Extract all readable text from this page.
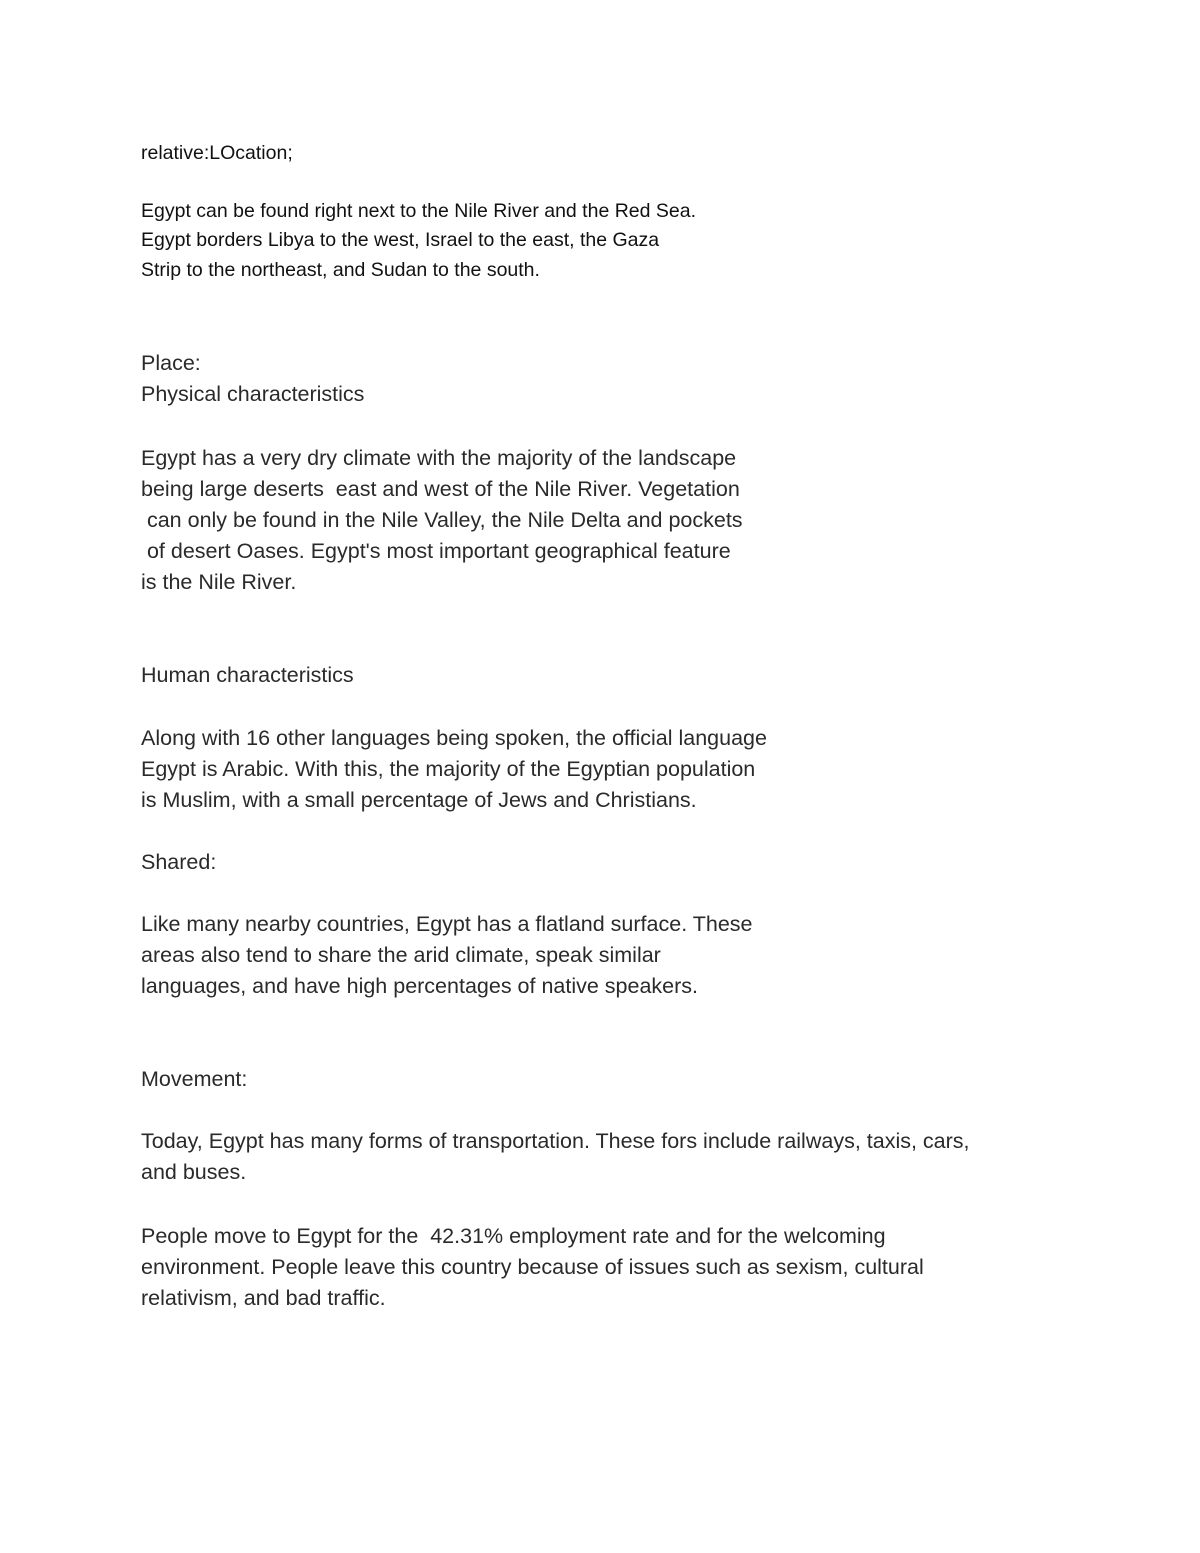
relative:LOcation;

Egypt can be found right next to the Nile River and the Red Sea.

Egypt borders Libya to the west, Israel to the east, the Gaza

Strip to the northeast, and Sudan to the south.

Place:

Physical characteristics

Egypt has a very dry climate with the majority of the landscape

being large deserts  east and west of the Nile River. Vegetation

can only be found in the Nile Valley, the Nile Delta and pockets

of desert Oases. Egypt's most important geographical feature

is the Nile River.

Human characteristics

Along with 16 other languages being spoken, the official language

Egypt is Arabic. With this, the majority of the Egyptian population

is Muslim, with a small percentage of Jews and Christians.

Shared:

Like many nearby countries, Egypt has a flatland surface. These

areas also tend to share the arid climate, speak similar

languages, and have high percentages of native speakers.

Movement:

Today, Egypt has many forms of transportation. These fors include railways, taxis, cars,

and buses.

People move to Egypt for the  42.31% employment rate and for the welcoming

environment. People leave this country because of issues such as sexism, cultural

relativism, and bad traffic.
